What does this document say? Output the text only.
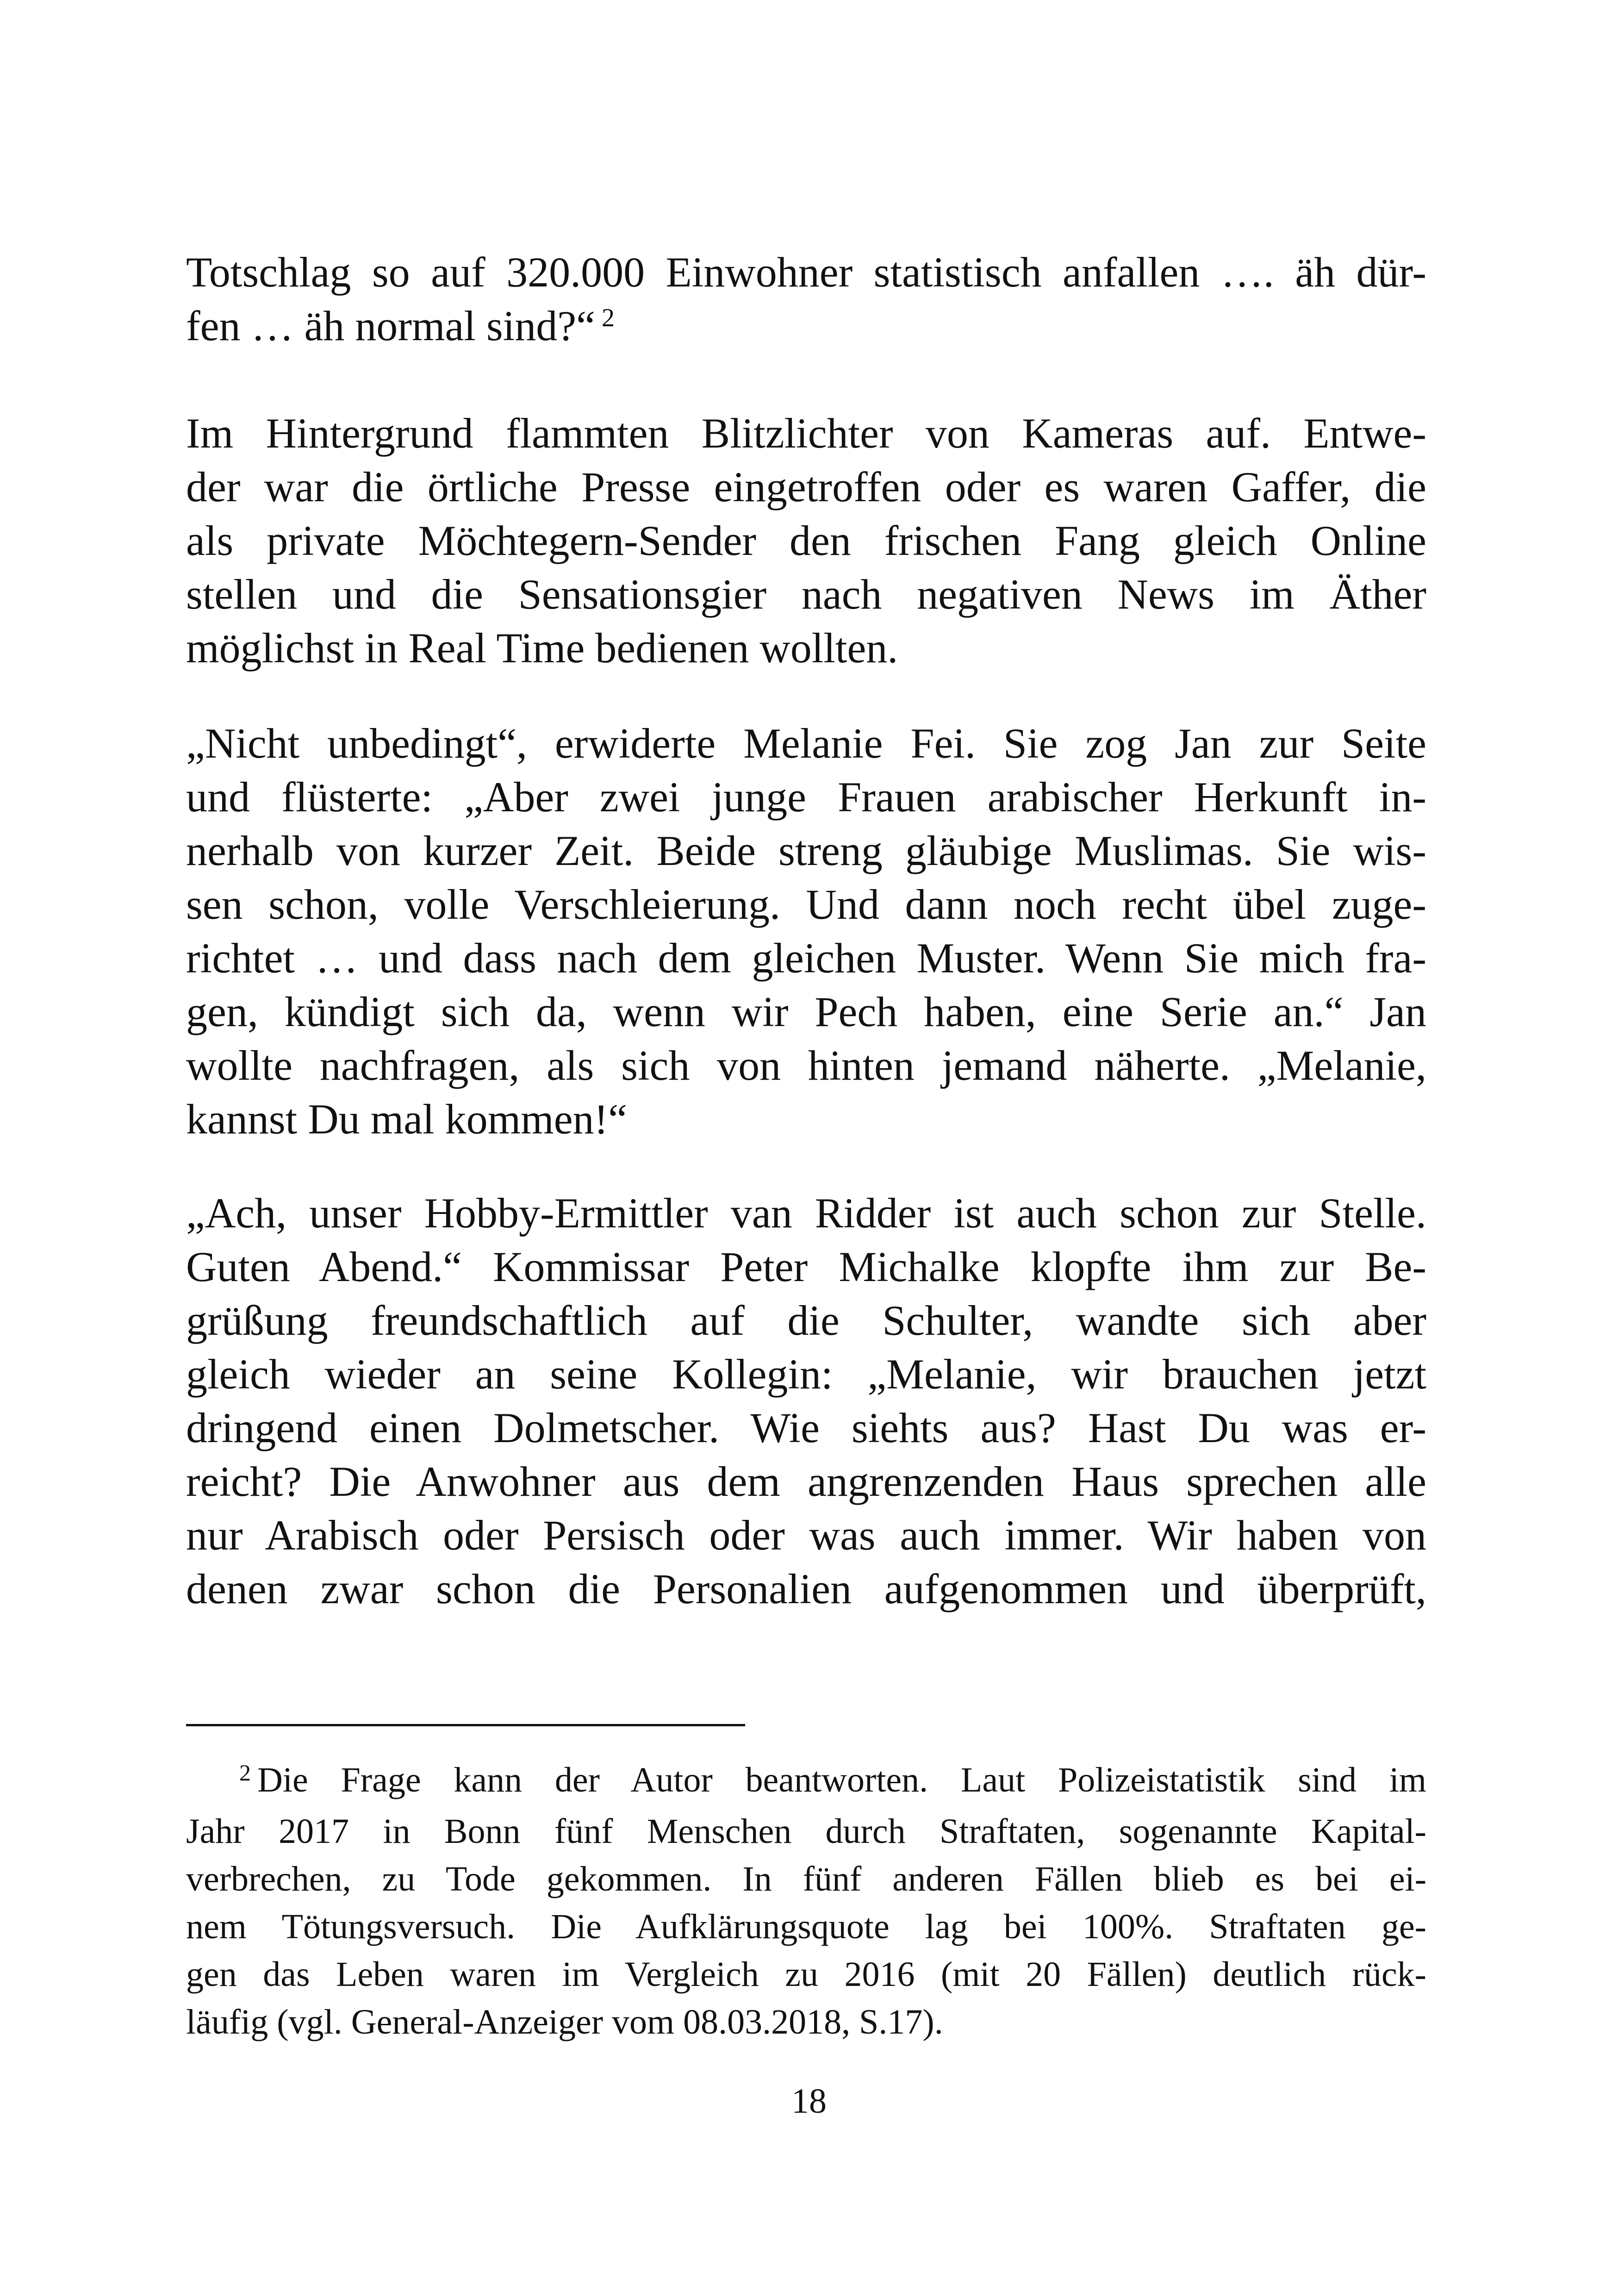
Totschlag so auf 320.000 Einwohner statistisch anfallen …. äh dür-
fen … äh normal sind?“ $^2$

Im Hintergrund flammten Blitzlichter von Kameras auf. Entwe-
der war die örtliche Presse eingetroffen oder es waren Gaffer, die
als private Möchtegern-Sender den frischen Fang gleich Online
stellen und die Sensationsgier nach negativen News im Äther
möglichst in Real Time bedienen wollten.

„Nicht unbedingt“, erwiderte Melanie Fei. Sie zog Jan zur Seite
und flüsterte: „Aber zwei junge Frauen arabischer Herkunft in-
nerhalb von kurzer Zeit. Beide streng gläubige Muslimas. Sie wis-
sen schon, volle Verschleierung. Und dann noch recht übel zuge-
richtet … und dass nach dem gleichen Muster. Wenn Sie mich fra-
gen, kündigt sich da, wenn wir Pech haben, eine Serie an.“ Jan
wollte nachfragen, als sich von hinten jemand näherte. „Melanie,
kannst Du mal kommen!“

„Ach, unser Hobby-Ermittler van Ridder ist auch schon zur Stelle.
Guten Abend.“ Kommissar Peter Michalke klopfte ihm zur Be-
grüßung freundschaftlich auf die Schulter, wandte sich aber
gleich wieder an seine Kollegin: „Melanie, wir brauchen jetzt
dringend einen Dolmetscher. Wie siehts aus? Hast Du was er-
reicht? Die Anwohner aus dem angrenzenden Haus sprechen alle
nur Arabisch oder Persisch oder was auch immer. Wir haben von
denen zwar schon die Personalien aufgenommen und überprüft,

$^2$ Die Frage kann der Autor beantworten. Laut Polizeistatistik sind im
Jahr 2017 in Bonn fünf Menschen durch Straftaten, sogenannte Kapital-
verbrechen, zu Tode gekommen. In fünf anderen Fällen blieb es bei ei-
nem Tötungsversuch. Die Aufklärungsquote lag bei 100%. Straftaten ge-
gen das Leben waren im Vergleich zu 2016 (mit 20 Fällen) deutlich rück-
läufig (vgl. General-Anzeiger vom 08.03.2018, S.17).

18
